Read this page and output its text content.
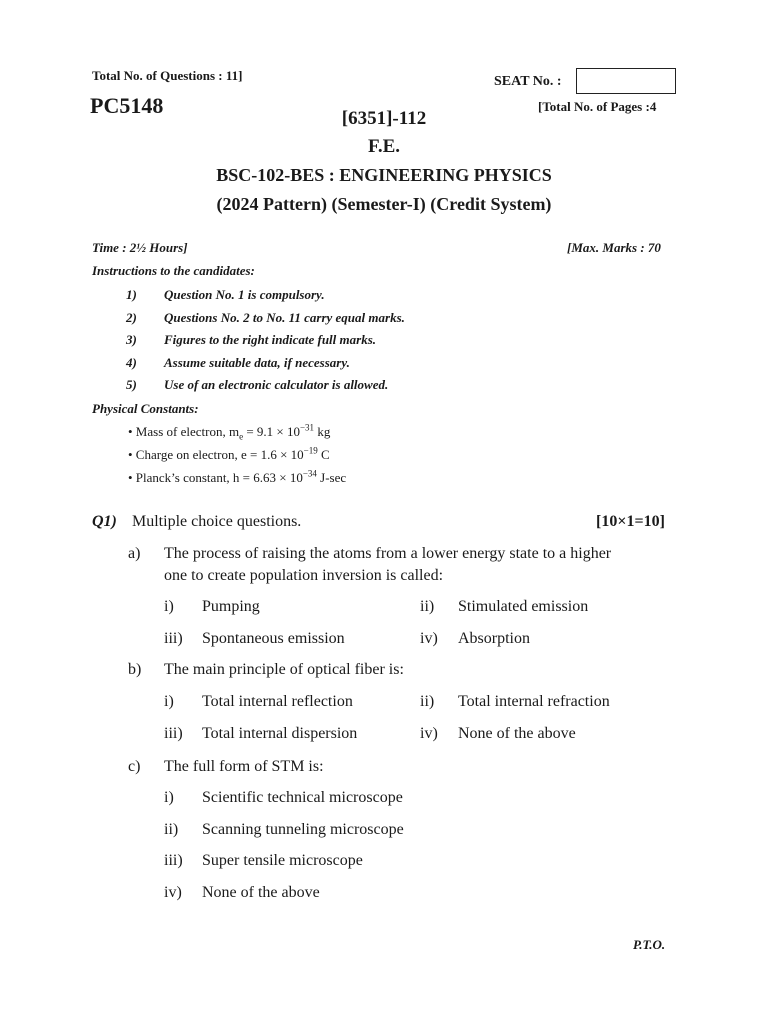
Total No. of Questions : 11]	SEAT No. :
PC5148	[Total No. of Pages :4
[6351]-112
F.E.
BSC-102-BES : ENGINEERING PHYSICS
(2024 Pattern) (Semester-I) (Credit System)
Time : 2½ Hours]	[Max. Marks : 70
Instructions to the candidates:
1) Question No. 1 is compulsory.
2) Questions No. 2 to No. 11 carry equal marks.
3) Figures to the right indicate full marks.
4) Assume suitable data, if necessary.
5) Use of an electronic calculator is allowed.
Physical Constants:
• Mass of electron, $m_e = 9.1 \times 10^{-31}$ kg
• Charge on electron, $e = 1.6 \times 10^{-19}$ C
• Planck’s constant, $h = 6.63 \times 10^{-34}$ J-sec
Q1) Multiple choice questions.	[10×1=10]
a) The process of raising the atoms from a lower energy state to a higher
one to create population inversion is called:
i) Pumping	ii) Stimulated emission
iii) Spontaneous emission	iv) Absorption
b) The main principle of optical fiber is:
i) Total internal reflection	ii) Total internal refraction
iii) Total internal dispersion	iv) None of the above
c) The full form of STM is:
i) Scientific technical microscope
ii) Scanning tunneling microscope
iii) Super tensile microscope
iv) None of the above
P.T.O.
